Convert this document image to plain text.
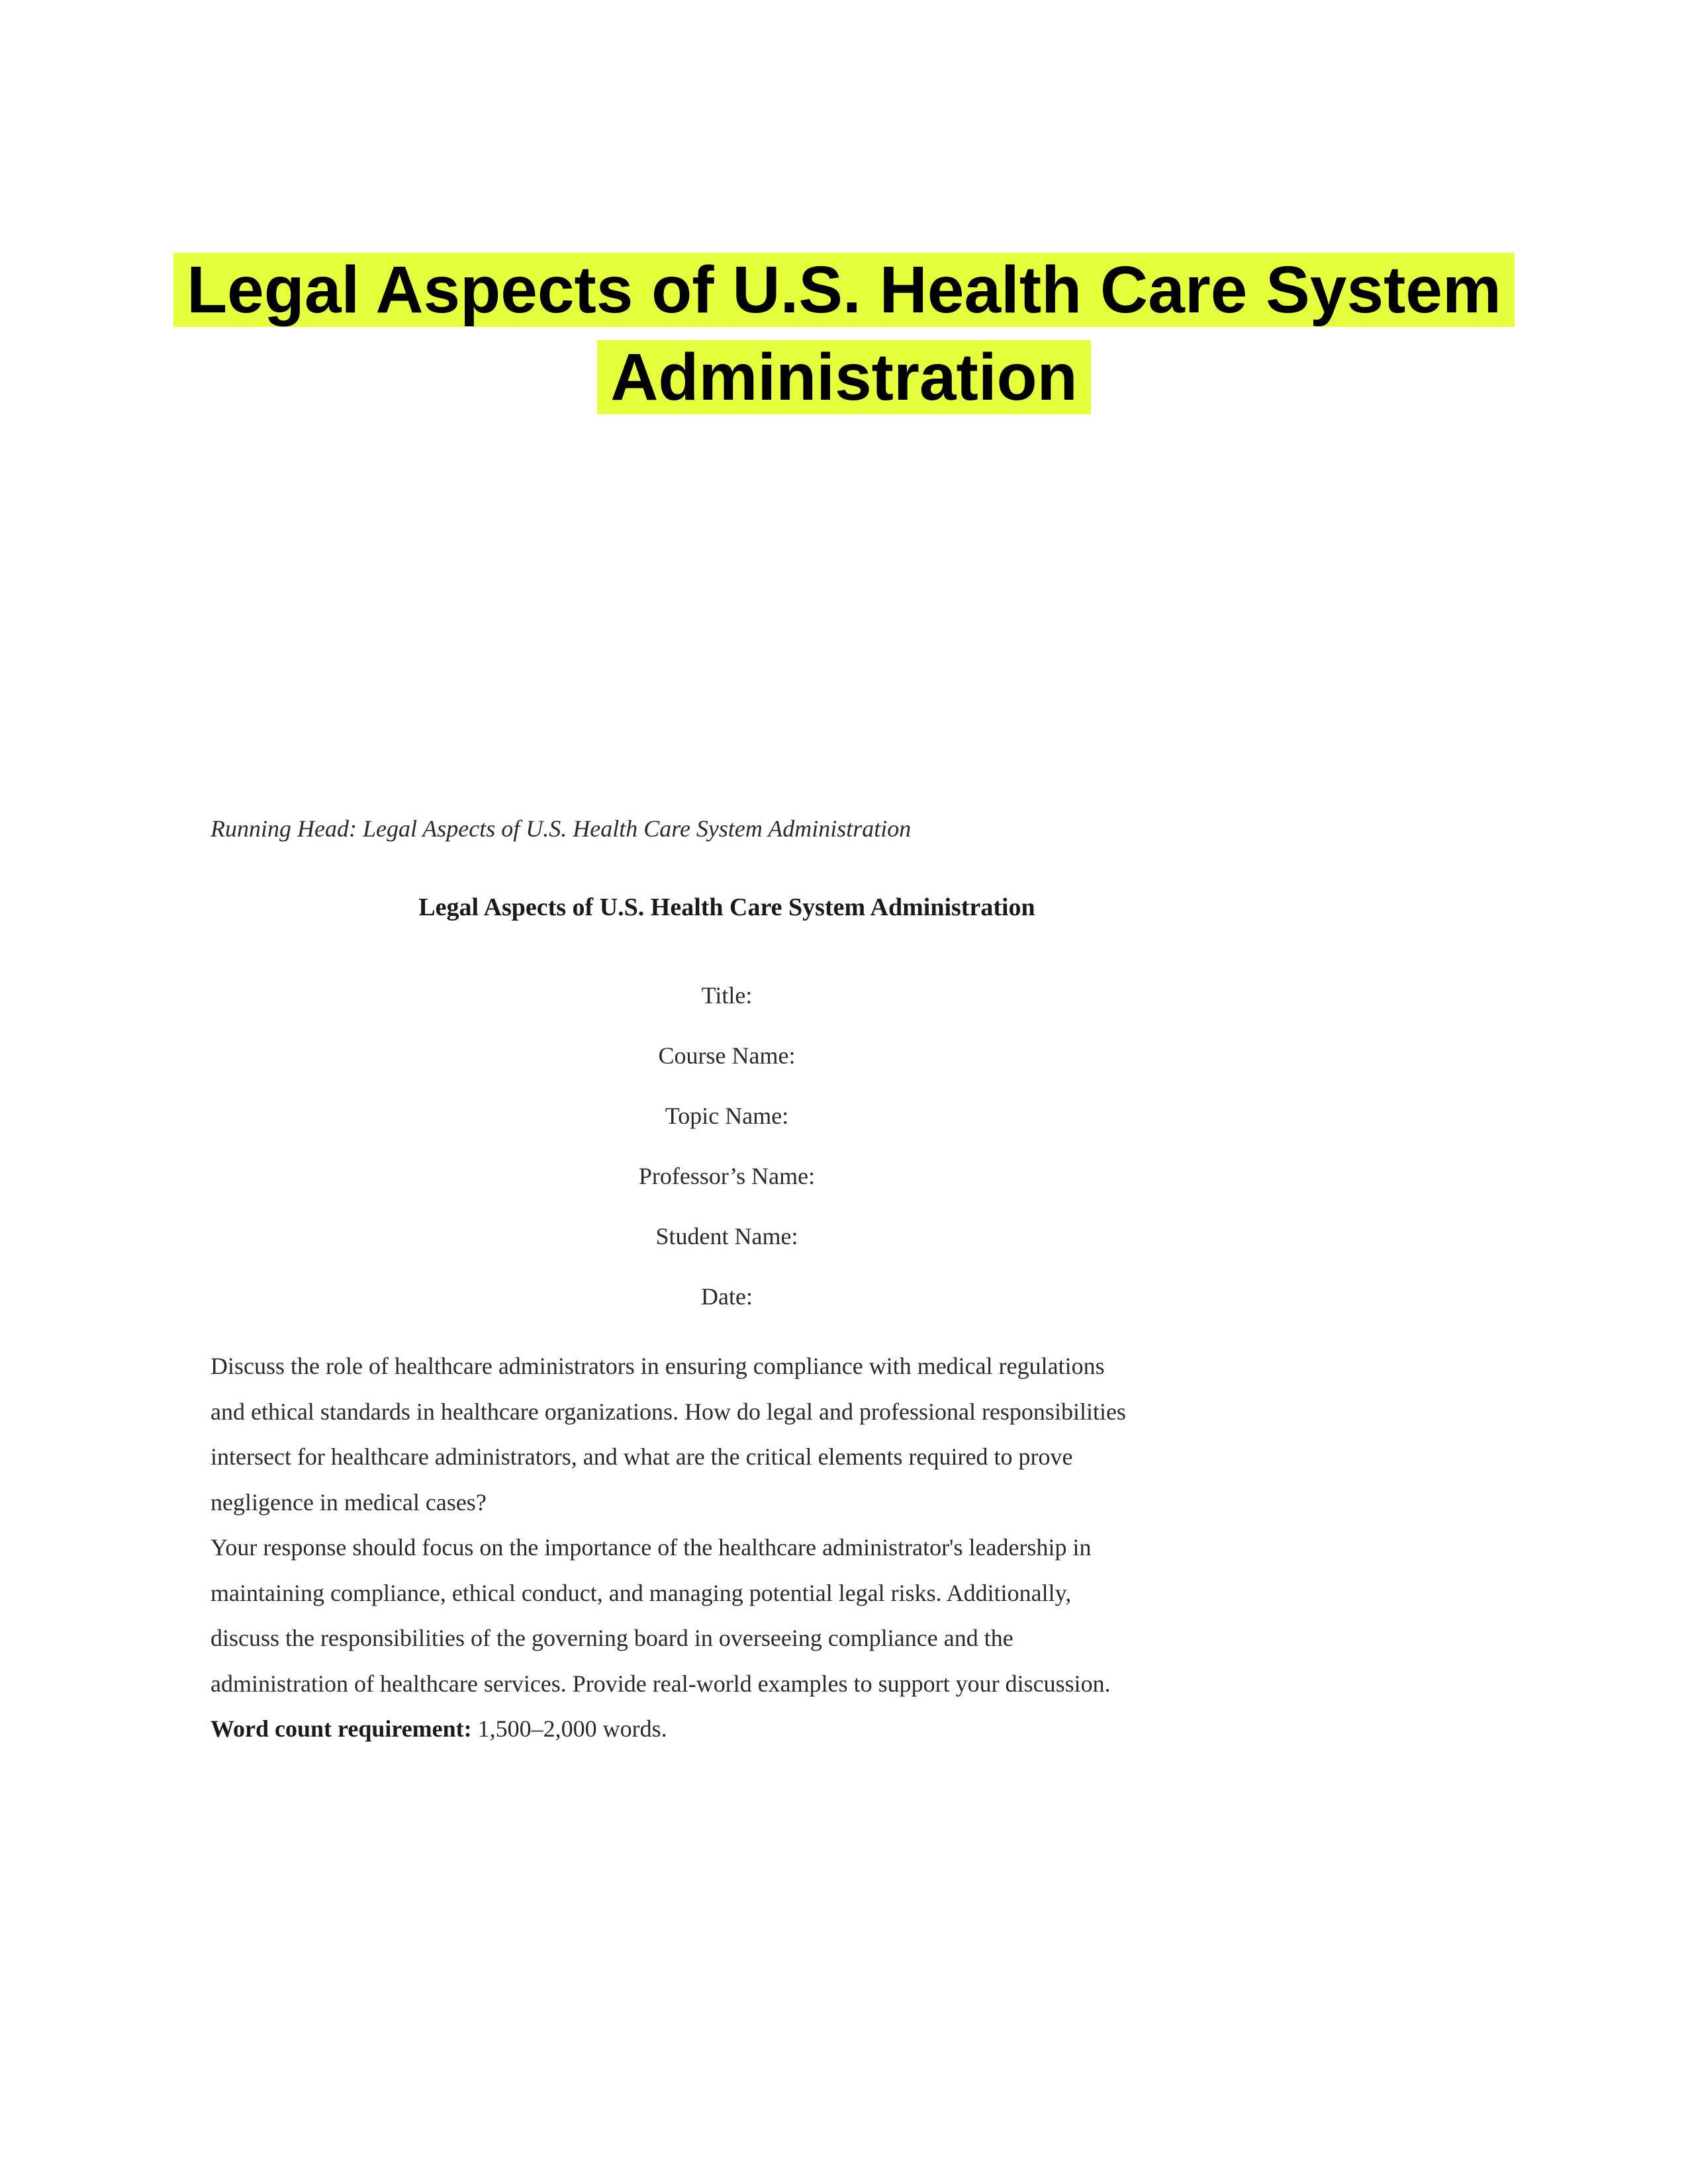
Legal Aspects of U.S. Health Care System
Administration
Running Head: Legal Aspects of U.S. Health Care System Administration
Legal Aspects of U.S. Health Care System Administration
Title:
Course Name:
Topic Name:
Professor’s Name:
Student Name:
Date:

Discuss the role of healthcare administrators in ensuring compliance with medical regulations
and ethical standards in healthcare organizations. How do legal and professional responsibilities
intersect for healthcare administrators, and what are the critical elements required to prove
negligence in medical cases?

Your response should focus on the importance of the healthcare administrator's leadership in
maintaining compliance, ethical conduct, and managing potential legal risks. Additionally,
discuss the responsibilities of the governing board in overseeing compliance and the
administration of healthcare services. Provide real-world examples to support your discussion.

Word count requirement: 1,500–2,000 words.
